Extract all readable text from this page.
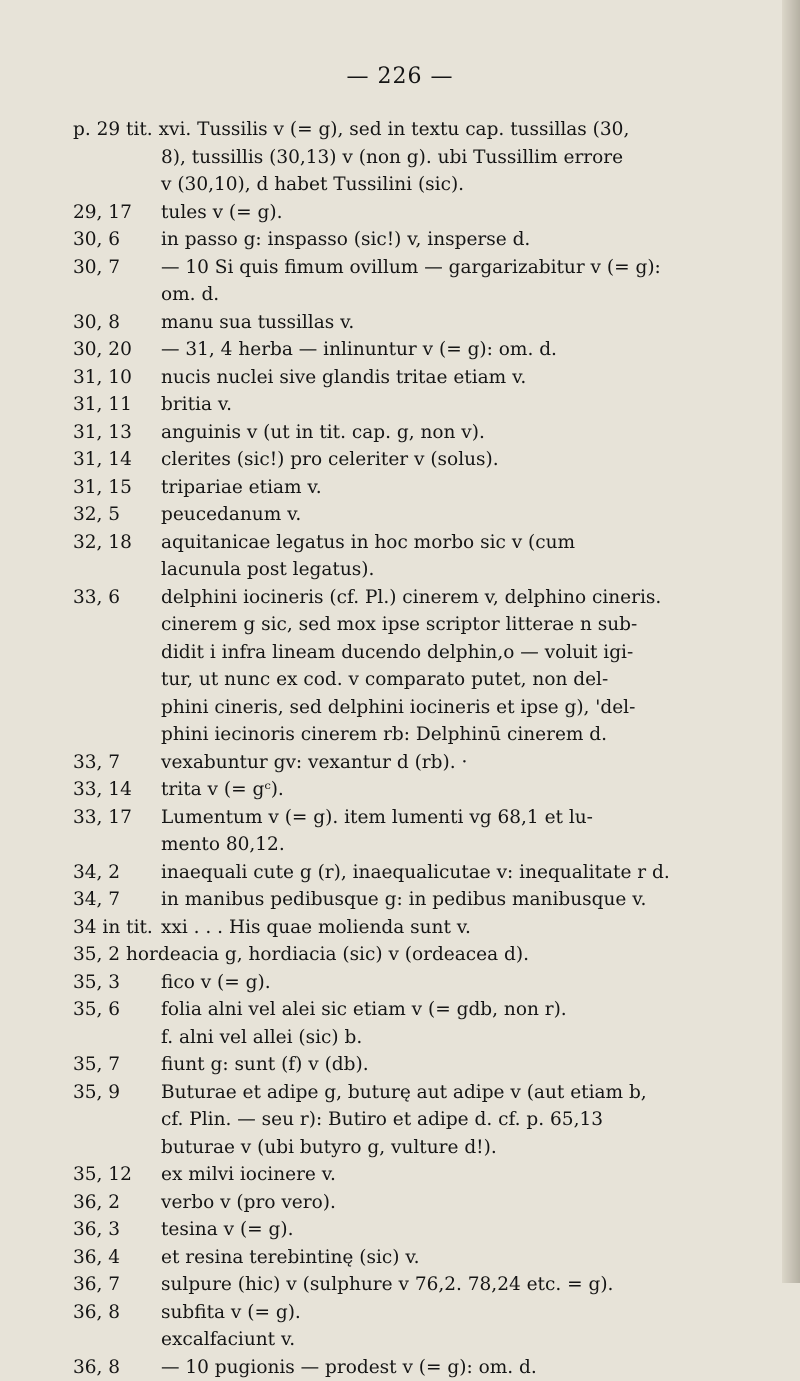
— 226 —
p. 29 tit. xvi. Tussilis v (= g), sed in textu cap. tussillas (30,
8), tussillis (30,13) v (non g). ubi Tussillim errore
v (30,10), d habet Tussilini (sic).
29, 17	tules v (= g).
30, 6	in passo g: inspasso (sic!) v, insperse d.
30, 7	— 10 Si quis fimum ovillum — gargarizabitur v (= g):
om. d.
30, 8	manu sua tussillas v.
30, 20	— 31, 4 herba — inlinuntur v (= g): om. d.
31, 10	nucis nuclei sive glandis tritae etiam v.
31, 11	britia v.
31, 13	anguinis v (ut in tit. cap. g, non v).
31, 14	clerites (sic!) pro celeriter v (solus).
31, 15	tripariae etiam v.
32, 5	peucedanum v.
32, 18	aquitanicae legatus in hoc morbo sic v (cum
lacunula post legatus).
33, 6	delphini iocineris (cf. Pl.) cinerem v, delphino cineris.
cinerem g sic, sed mox ipse scriptor litterae n sub-
didit i infra lineam ducendo delphin,o — voluit igi-
tur, ut nunc ex cod. v comparato putet, non del-
phini cineris, sed delphini iocineris et ipse g), 'del-
phini iecinoris cinerem rb: Delphinū cinerem d.
33, 7	vexabuntur gv: vexantur d (rb). ·
33, 14	trita v (= gᶜ).
33, 17	Lumentum v (= g). item lumenti vg 68,1 et lu-
mento 80,12.
34, 2	inaequali cute g (r), inaequalicutae v: inequalitate r d.
34, 7	in manibus pedibusque g: in pedibus manibusque v.
34 in tit. xxi . . . His quae molienda sunt v.
35, 2 hordeacia g, hordiacia (sic) v (ordeacea d).
35, 3	fico v (= g).
35, 6	folia alni vel alei sic etiam v (= gdb, non r).
f. alni vel allei (sic) b.
35, 7	fiunt g: sunt (f) v (db).
35, 9	Buturae et adipe g, buturę aut adipe v (aut etiam b,
cf. Plin. — seu r): Butiro et adipe d. cf. p. 65,13
buturae v (ubi butyro g, vulture d!).
35, 12	ex milvi iocinere v.
36, 2	verbo v (pro vero).
36, 3	tesina v (= g).
36, 4	et resina terebintinę (sic) v.
36, 7	sulpure (hic) v (sulphure v 76,2. 78,24 etc. = g).
36, 8	subfita v (= g).
excalfaciunt v.
36, 8	— 10 pugionis — prodest v (= g): om. d.
